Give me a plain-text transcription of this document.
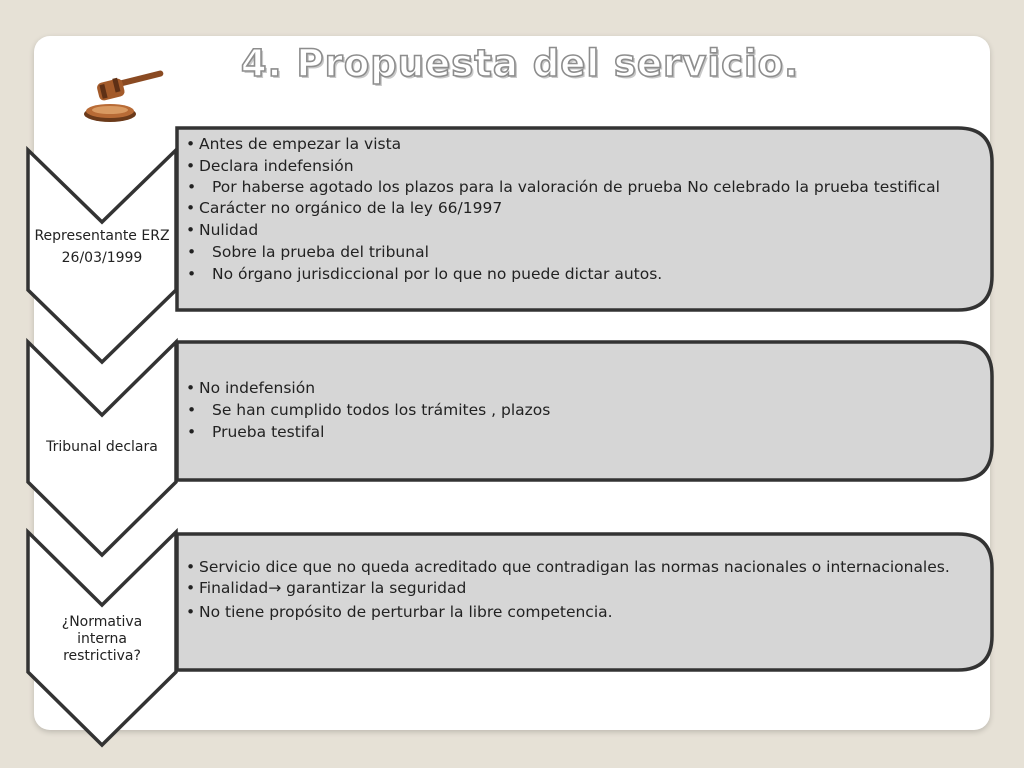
4. Propuesta del servicio.
Representante ERZ
26/03/1999
• Antes de empezar la vista
• Declara indefensión
• Por haberse agotado los plazos para la valoración de prueba No celebrado la prueba testifical
• Carácter no orgánico de la ley 66/1997
• Nulidad
• Sobre la prueba del tribunal
• No órgano jurisdiccional por lo que no puede dictar autos.
Tribunal declara
• No indefensión
• Se han cumplido todos los trámites , plazos
• Prueba testifal
¿Normativa interna restrictiva?
• Servicio dice que no queda acreditado que contradigan las normas nacionales o internacionales.
• Finalidad→ garantizar la seguridad
• No tiene propósito de perturbar la libre competencia.
